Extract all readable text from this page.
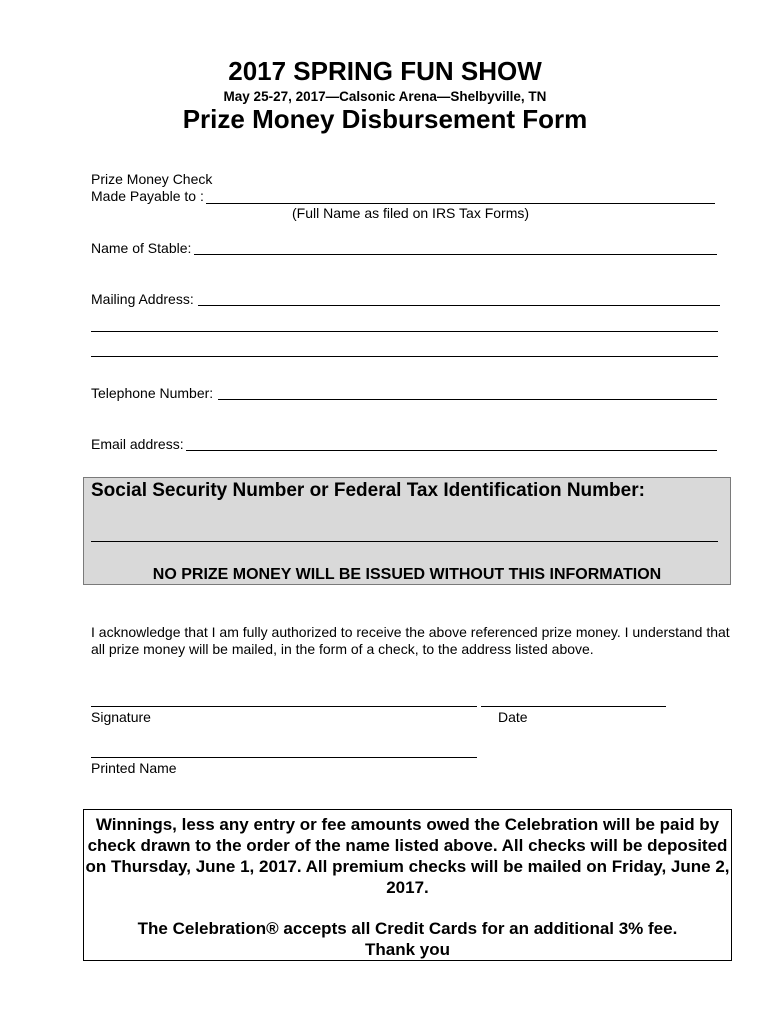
2017 SPRING FUN SHOW
May 25-27, 2017—Calsonic Arena—Shelbyville, TN
Prize Money Disbursement Form
Prize Money Check
Made Payable to :
(Full Name as filed on IRS Tax Forms)
Name of Stable:
Mailing Address:
Telephone Number:
Email address:
Social Security Number or Federal Tax Identification Number:
NO PRIZE MONEY WILL BE ISSUED WITHOUT THIS INFORMATION
I acknowledge that I am fully authorized to receive the above referenced prize money. I understand that all prize money will be mailed, in the form of a check, to the address listed above.
Signature	Date
Printed Name

Winnings, less any entry or fee amounts owed the Celebration will be paid by check drawn to the order of the name listed above. All checks will be deposited on Thursday, June 1, 2017. All premium checks will be mailed on Friday, June 2, 2017.

The Celebration® accepts all Credit Cards for an additional 3% fee.

Thank you
